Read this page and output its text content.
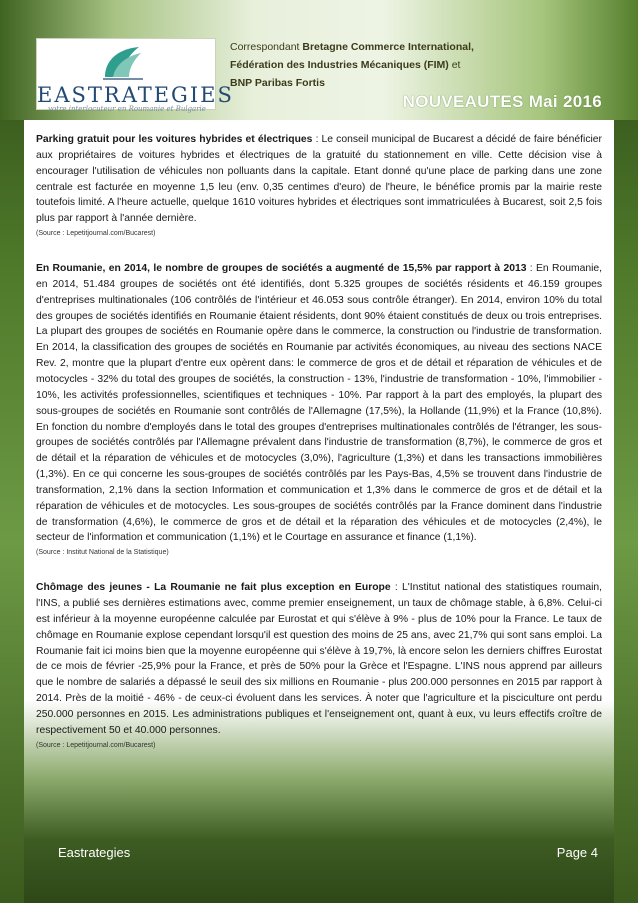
EASTRATEGIES
votre interlocuteur en Roumanie et Bulgarie
Correspondant Bretagne Commerce International,
Fédération des Industries Mécaniques (FIM) et
BNP Paribas Fortis
NOUVEAUTES Mai 2016

Parking gratuit pour les voitures hybrides et électriques : Le conseil municipal de Bucarest a décidé de faire bénéficier aux propriétaires de voitures hybrides et électriques de la gratuité du stationnement en ville. Cette décision vise à encourager l'utilisation de véhicules non polluants dans la capitale. Etant donné qu'une place de parking dans une zone centrale est facturée en moyenne 1,5 leu (env. 0,35 centimes d'euro) de l'heure, le bénéfice promis par la mairie reste toutefois limité. A l'heure actuelle, quelque 1610 voitures hybrides et électriques sont immatriculées à Bucarest, soit 2,5 fois plus par rapport à l'année dernière.

(Source : Lepetitjournal.com/Bucarest)

En Roumanie, en 2014, le nombre de groupes de sociétés a augmenté de 15,5% par rapport à 2013 : En Roumanie, en 2014, 51.484 groupes de sociétés ont été identifiés, dont 5.325 groupes de sociétés résidents et 46.159 groupes d'entreprises multinationales (106 contrôlés de l'intérieur et 46.053 sous contrôle étranger). En 2014, environ 10% du total des groupes de sociétés identifiés en Roumanie étaient résidents, dont 90% étaient constitués de deux ou trois entreprises. La plupart des groupes de sociétés en Roumanie opère dans le commerce, la construction ou l'industrie de transformation. En 2014, la classification des groupes de sociétés en Roumanie par activités économiques, au niveau des sections NACE Rev. 2, montre que la plupart d'entre eux opèrent dans: le commerce de gros et de détail et réparation de véhicules et de motocycles - 32% du total des groupes de sociétés, la construction - 13%, l'industrie de transformation - 10%, l'immobilier - 10%, les activités professionnelles, scientifiques et techniques - 10%. Par rapport à la part des employés, la plupart des sous-groupes de sociétés en Roumanie sont contrôlés de l'Allemagne (17,5%), la Hollande (11,9%) et la France (10,8%). En fonction du nombre d'employés dans le total des groupes d'entreprises multinationales contrôlés de l'étranger, les sous-groupes de sociétés contrôlés par l'Allemagne prévalent dans l'industrie de transformation (8,7%), le commerce de gros et de détail et la réparation de véhicules et de motocycles (3,0%), l'agriculture (1,3%) et dans les transactions immobilières (1,3%). En ce qui concerne les sous-groupes de sociétés contrôlés par les Pays-Bas, 4,5% se trouvent dans l'industrie de transformation, 2,1% dans la section Information et communication et 1,3% dans le commerce de gros et de détail et la réparation de véhicules et de motocycles. Les sous-groupes de sociétés contrôlés par la France dominent dans l'industrie de transformation (4,6%), le commerce de gros et de détail et la réparation des véhicules et de motocycles (2,4%), le secteur de l'information et communication (1,1%) et le Courtage en assurance et finance (1,1%).

(Source : Institut National de la Statistique)

Chômage des jeunes - La Roumanie ne fait plus exception en Europe : L'Institut national des statistiques roumain, l'INS, a publié ses dernières estimations avec, comme premier enseignement, un taux de chômage stable, à 6,8%. Celui-ci est inférieur à la moyenne européenne calculée par Eurostat et qui s'élève à 9% - plus de 10% pour la France. Le taux de chômage en Roumanie explose cependant lorsqu'il est question des moins de 25 ans, avec 21,7% qui sont sans emploi. La Roumanie fait ici moins bien que la moyenne européenne qui s'élève à 19,7%, là encore selon les derniers chiffres Eurostat de ce mois de février -25,9% pour la France, et près de 50% pour la Grèce et l'Espagne. L'INS nous apprend par ailleurs que le nombre de salariés a dépassé le seuil des six millions en Roumanie - plus 200.000 personnes en 2015 par rapport à 2014. Près de la moitié - 46% - de ceux-ci évoluent dans les services. À noter que l'agriculture et la pisciculture ont perdu 250.000 personnes en 2015. Les administrations publiques et l'enseignement ont, quant à eux, vu leurs effectifs croître de respectivement 50 et 40.000 personnes.

(Source : Lepetitjournal.com/Bucarest)
Eastrategies	Page 4
